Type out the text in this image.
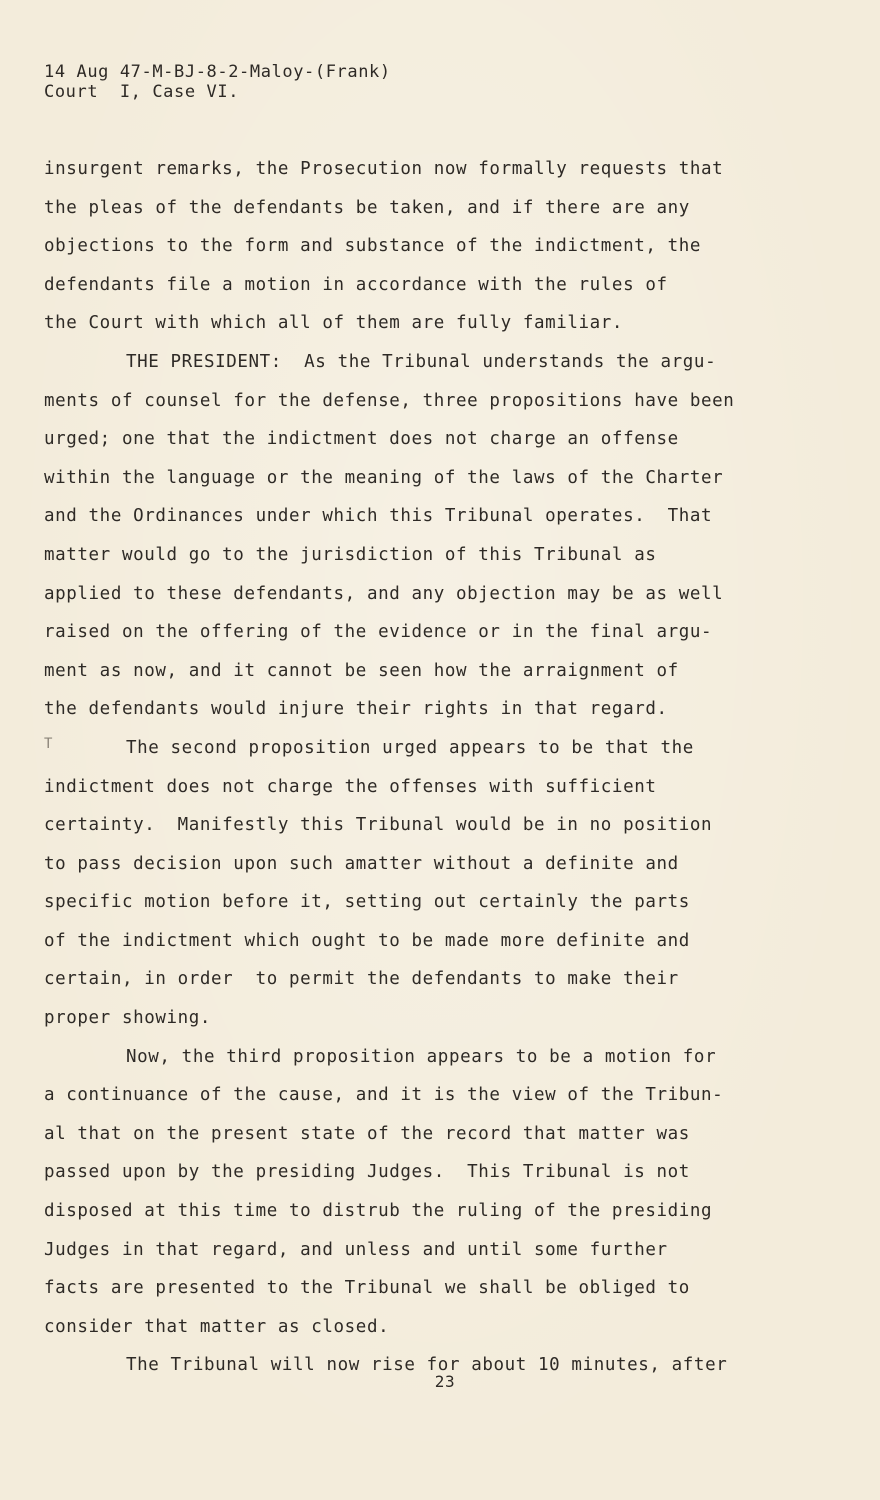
14 Aug 47-M-BJ-8-2-Maloy-(Frank)
Court  I, Case VI.
T
insurgent remarks, the Prosecution now formally requests that
the pleas of the defendants be taken, and if there are any
objections to the form and substance of the indictment, the
defendants file a motion in accordance with the rules of
the Court with which all of them are fully familiar.
THE PRESIDENT:  As the Tribunal understands the argu-
ments of counsel for the defense, three propositions have been
urged; one that the indictment does not charge an offense
within the language or the meaning of the laws of the Charter
and the Ordinances under which this Tribunal operates.  That
matter would go to the jurisdiction of this Tribunal as
applied to these defendants, and any objection may be as well
raised on the offering of the evidence or in the final argu-
ment as now, and it cannot be seen how the arraignment of
the defendants would injure their rights in that regard.
The second proposition urged appears to be that the
indictment does not charge the offenses with sufficient
certainty.  Manifestly this Tribunal would be in no position
to pass decision upon such amatter without a definite and
specific motion before it, setting out certainly the parts
of the indictment which ought to be made more definite and
certain, in order  to permit the defendants to make their
proper showing.
Now, the third proposition appears to be a motion for
a continuance of the cause, and it is the view of the Tribun-
al that on the present state of the record that matter was
passed upon by the presiding Judges.  This Tribunal is not
disposed at this time to distrub the ruling of the presiding
Judges in that regard, and unless and until some further
facts are presented to the Tribunal we shall be obliged to
consider that matter as closed.
The Tribunal will now rise for about 10 minutes, after
23
